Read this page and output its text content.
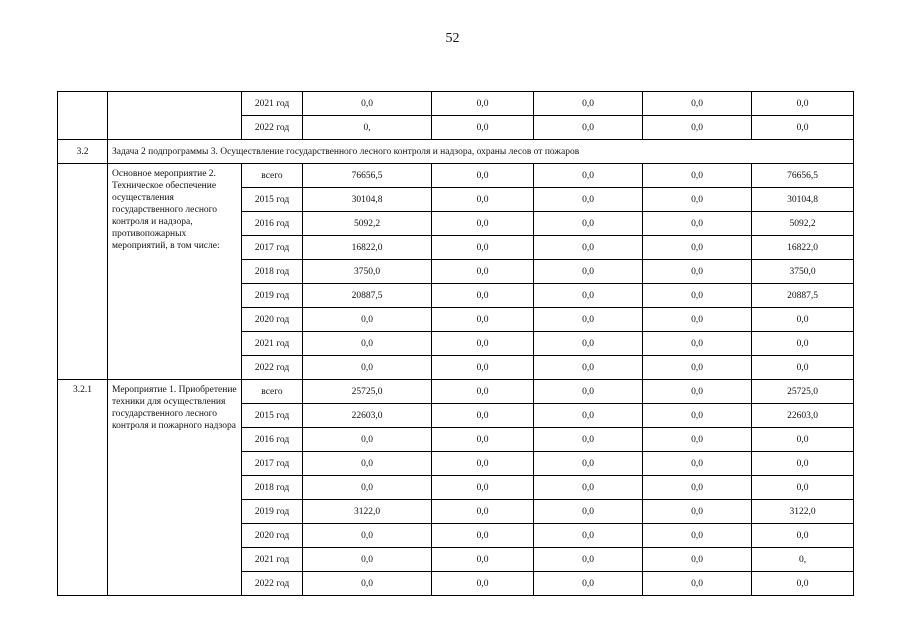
52
		2021 год	0,0	0,0	0,0	0,0	0,0
		2022 год	0,	0,0	0,0	0,0	0,0
3.2	Задача 2 подпрограммы 3. Осуществление государственного лесного контроля и надзора, охраны лесов от пожаров						
	Основное мероприятие 2. Техническое обеспечение осуществления государственного лесного контроля и надзора, противопожарных мероприятий, в том числе:	всего	76656,5	0,0	0,0	0,0	76656,5
		2015 год	30104,8	0,0	0,0	0,0	30104,8
		2016 год	5092,2	0,0	0,0	0,0	5092,2
		2017 год	16822,0	0,0	0,0	0,0	16822,0
		2018 год	3750,0	0,0	0,0	0,0	3750,0
		2019 год	20887,5	0,0	0,0	0,0	20887,5
		2020 год	0,0	0,0	0,0	0,0	0,0
		2021 год	0,0	0,0	0,0	0,0	0,0
		2022 год	0,0	0,0	0,0	0,0	0,0
3.2.1	Мероприятие 1. Приобретение техники для осуществления государственного лесного контроля и пожарного надзора	всего	25725,0	0,0	0,0	0,0	25725,0
		2015 год	22603,0	0,0	0,0	0,0	22603,0
		2016 год	0,0	0,0	0,0	0,0	0,0
		2017 год	0,0	0,0	0,0	0,0	0,0
		2018 год	0,0	0,0	0,0	0,0	0,0
		2019 год	3122,0	0,0	0,0	0,0	3122,0
		2020 год	0,0	0,0	0,0	0,0	0,0
		2021 год	0,0	0,0	0,0	0,0	0,
		2022 год	0,0	0,0	0,0	0,0	0,0
